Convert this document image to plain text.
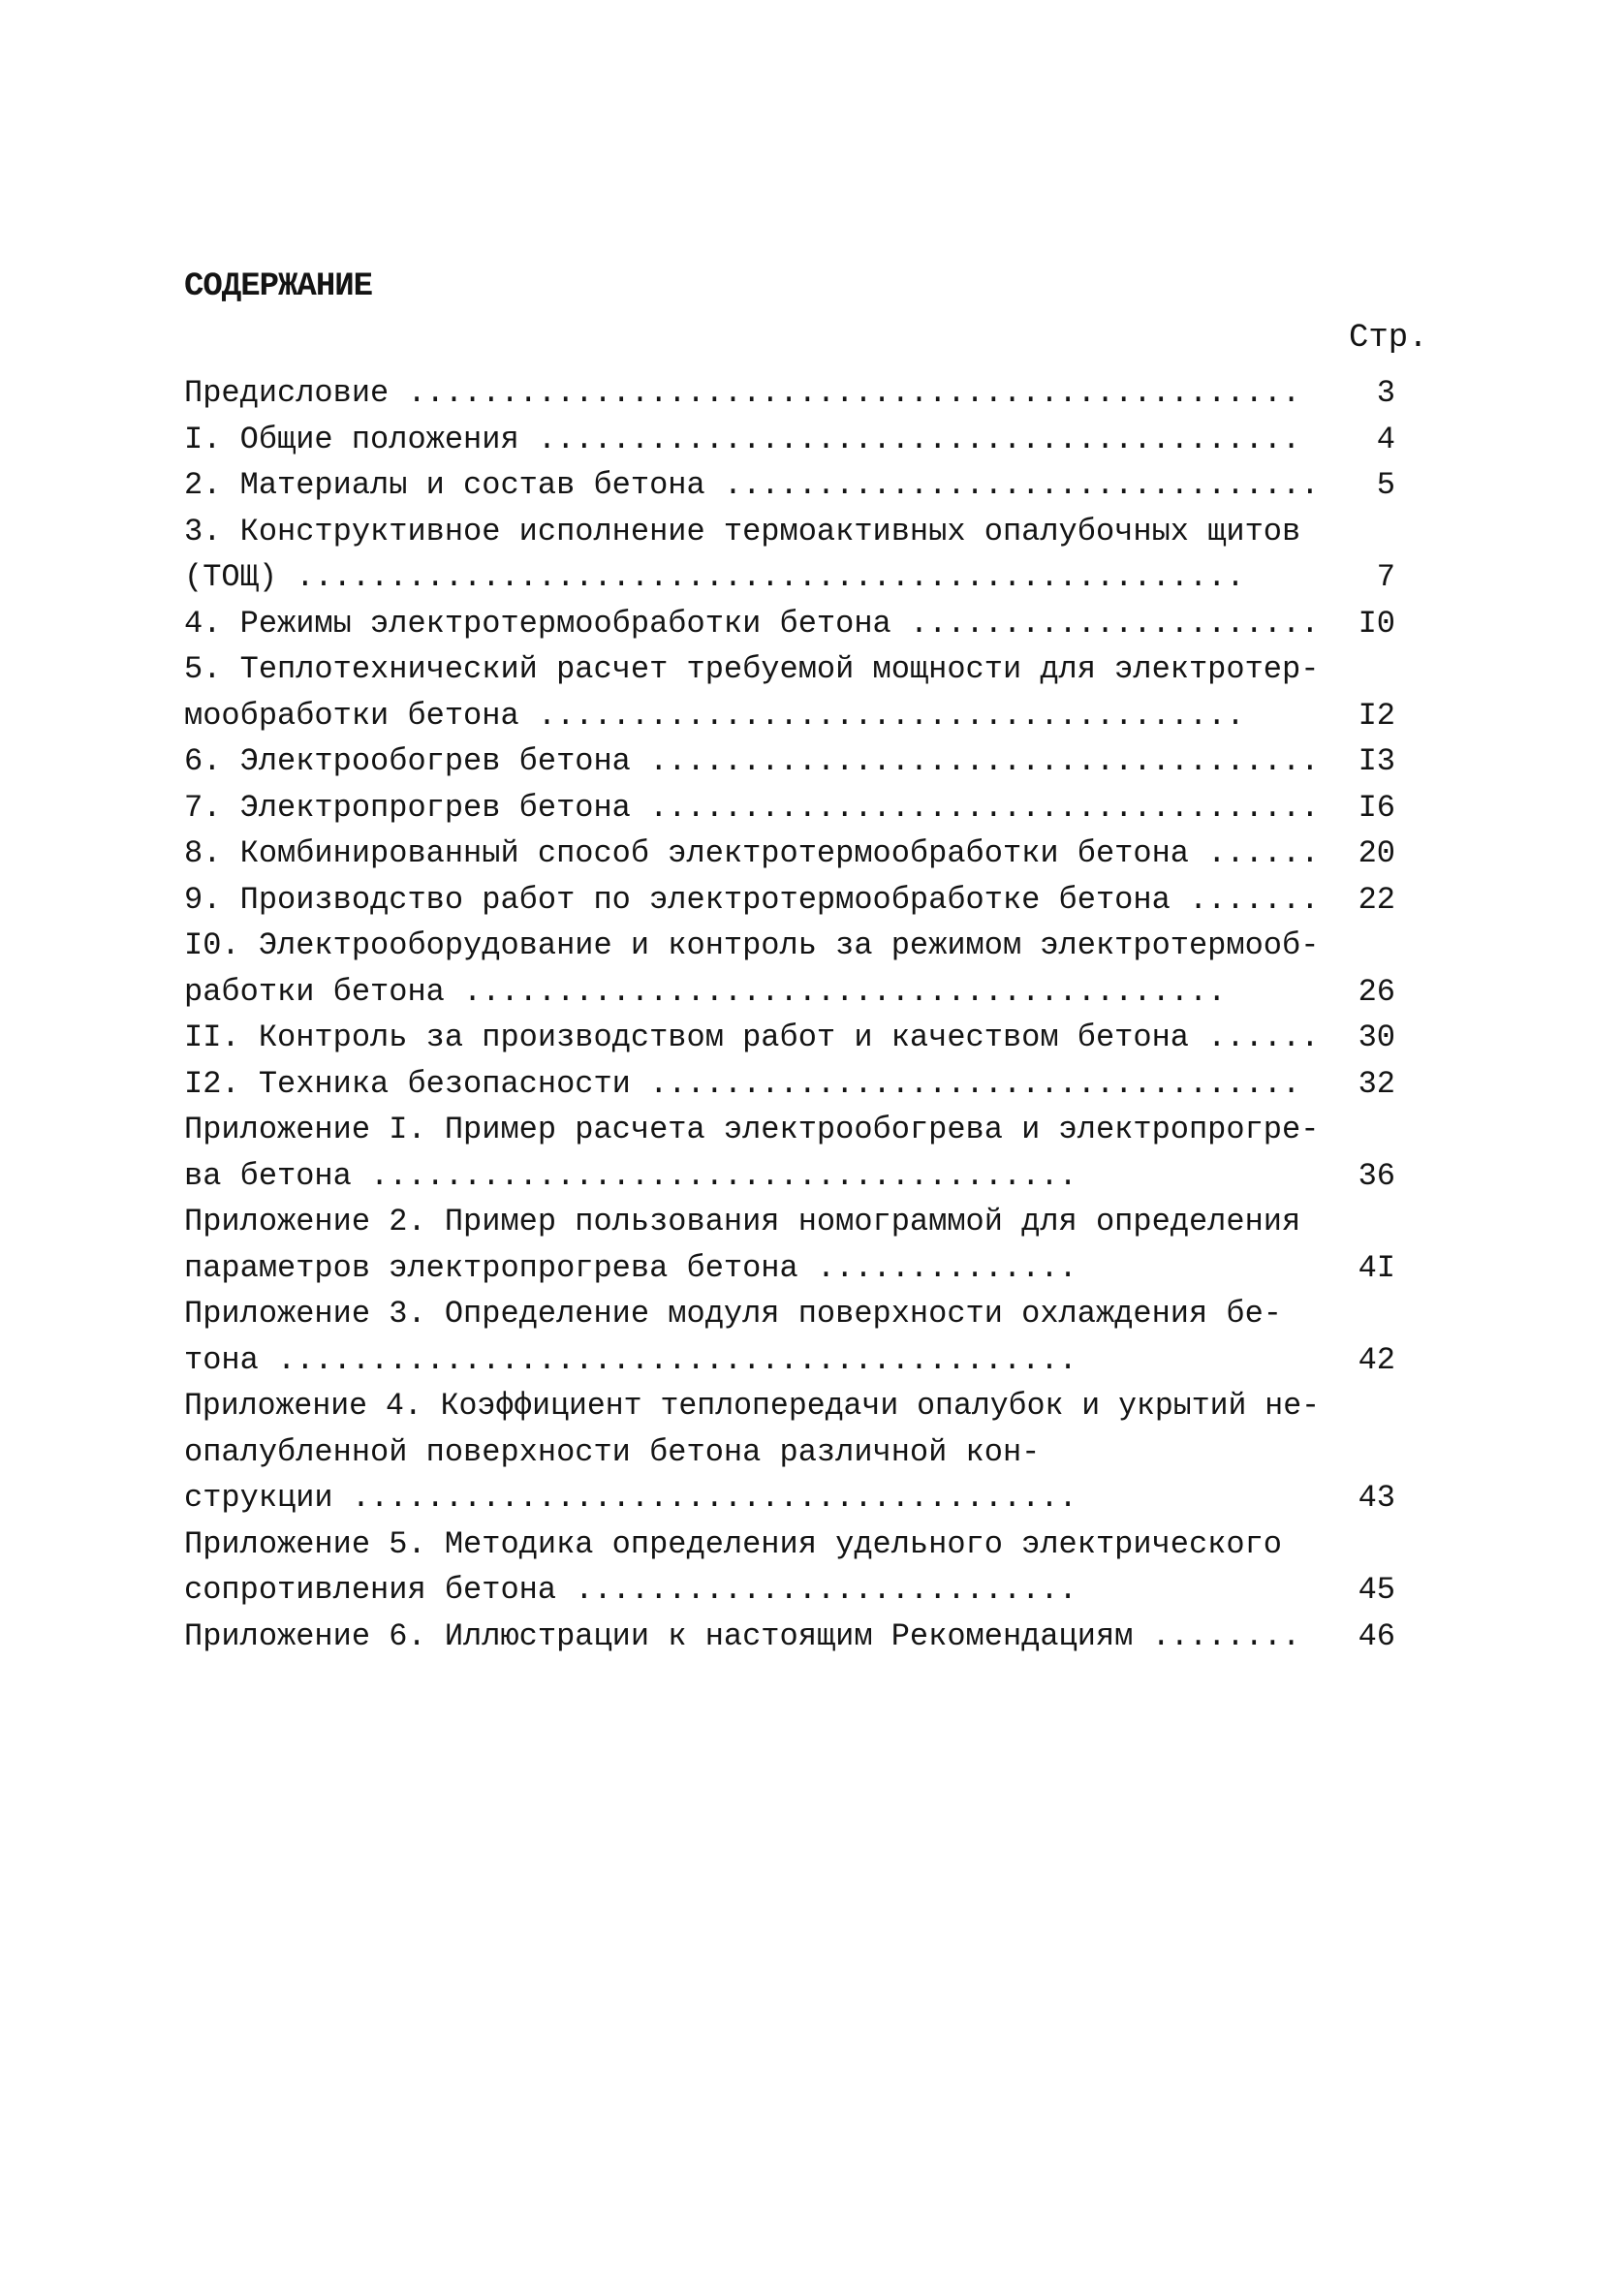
СОДЕРЖАНИЕ
Стр.
Предисловие ................................................	3
I. Общие положения .........................................	4
2. Материалы и состав бетона ................................	5
3. Конструктивное исполнение термоактивных опалубочных щитов
(ТОЩ) ...................................................	7
4. Режимы электротермообработки бетона ......................	I0
5. Теплотехнический расчет требуемой мощности для электротер-
мообработки бетона ......................................	I2
6. Электрообогрев бетона ....................................	I3
7. Электропрогрев бетона ....................................	I6
8. Комбинированный способ электротермообработки бетона ......	20
9. Производство работ по электротермообработке бетона .......	22
I0. Электрооборудование и контроль за режимом электротермооб-
работки бетона .........................................	26
II. Контроль за производством работ и качеством бетона ......	30
I2. Техника безопасности ...................................	32
Приложение I. Пример расчета электрообогрева и электропрогре-
ва бетона ......................................	36
Приложение 2. Пример пользования номограммой для определения
параметров электропрогрева бетона ..............	4I
Приложение 3. Определение модуля поверхности охлаждения бе-
тона ...........................................	42
Приложение 4. Коэффициент теплопередачи опалубок и укрытий не-
опалубленной поверхности бетона различной кон-
струкции .......................................	43
Приложение 5. Методика определения удельного электрического
сопротивления бетона ...........................	45
Приложение 6. Иллюстрации к настоящим Рекомендациям ........	46
